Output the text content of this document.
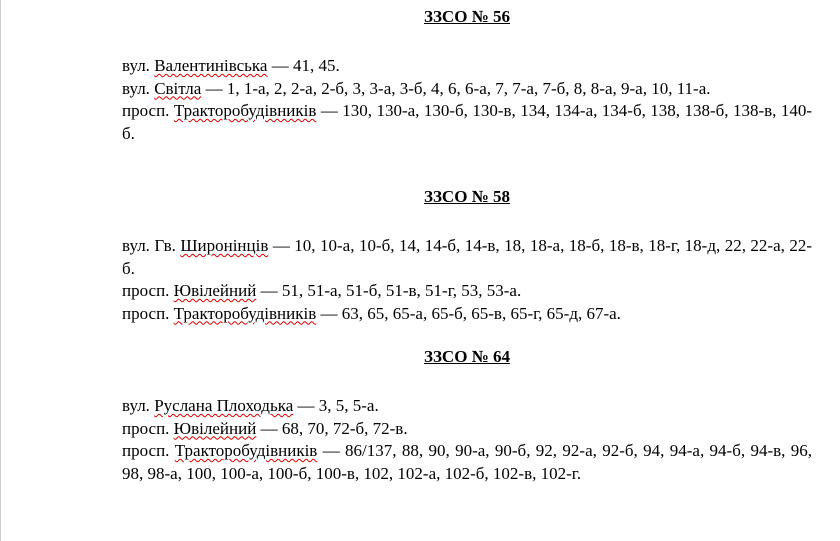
ЗЗСО № 56

вул. Валентинівська — 41, 45.

вул. Світла — 1, 1-а, 2, 2-а, 2-б, 3, 3-а, 3-б, 4, 6, 6-а, 7, 7-а, 7-б, 8, 8-а, 9-а, 10, 11-а.

просп. Тракторобудівників — 130, 130-а, 130-б, 130-в, 134, 134-а, 134-б, 138, 138-б, 138-в, 140-б.

ЗЗСО № 58

вул. Гв. Широнінців — 10, 10-а, 10-б, 14, 14-б, 14-в, 18, 18-а, 18-б, 18-в, 18-г, 18-д, 22, 22-а, 22-б.

просп. Ювілейний — 51, 51-а, 51-б, 51-в, 51-г, 53, 53-а.

просп. Тракторобудівників — 63, 65, 65-а, 65-б, 65-в, 65-г, 65-д, 67-а.

ЗЗСО № 64

вул. Руслана Плоходька — 3, 5, 5-а.

просп. Ювілейний — 68, 70, 72-б, 72-в.

просп. Тракторобудівників — 86/137, 88, 90, 90-а, 90-б, 92, 92-а, 92-б, 94, 94-а, 94-б, 94-в, 96, 98, 98-а, 100, 100-а, 100-б, 100-в, 102, 102-а, 102-б, 102-в, 102-г.
